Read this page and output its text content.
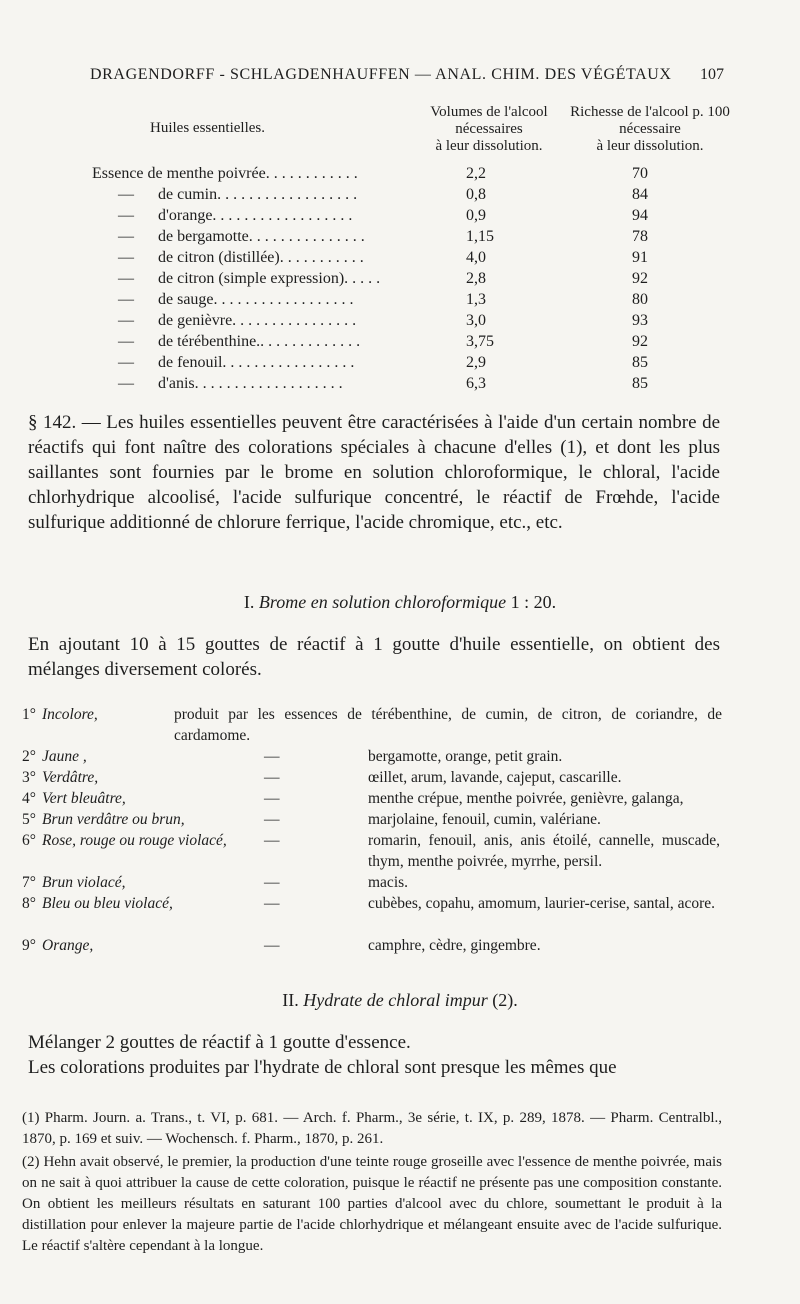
DRAGENDORFF - SCHLAGDENHAUFFEN — ANAL. CHIM. DES VÉGÉTAUX 107
Huiles essentielles.
Volumes de l'alcool
nécessaires
à leur dissolution.
Richesse de l'alcool p. 100
nécessaire
à leur dissolution.
Essence de menthe poivrée. . . . . . . . . . . .	2,2	70
— de cumin. . . . . . . . . . . . . . . . . .	0,8	84
— d'orange. . . . . . . . . . . . . . . . . .	0,9	94
— de bergamotte. . . . . . . . . . . . . . .	1,15	78
— de citron (distillée). . . . . . . . . . .	4,0	91
— de citron (simple expression). . . . .	2,8	92
— de sauge. . . . . . . . . . . . . . . . . .	1,3	80
— de genièvre. . . . . . . . . . . . . . . .	3,0	93
— de térébenthine.. . . . . . . . . . . . .	3,75	92
— de fenouil. . . . . . . . . . . . . . . . .	2,9	85
— d'anis. . . . . . . . . . . . . . . . . . .	6,3	85
§ 142. — Les huiles essentielles peuvent être caractérisées à l'aide d'un certain nombre de réactifs qui font naître des colorations spéciales à chacune d'elles (1), et dont les plus saillantes sont fournies par le brome en solution chloroformique, le chloral, l'acide chlorhydrique alcoolisé, l'acide sulfurique concentré, le réactif de Frœhde, l'acide sulfurique additionné de chlorure ferrique, l'acide chromique, etc., etc.
I. Brome en solution chloroformique 1 : 20.
En ajoutant 10 à 15 gouttes de réactif à 1 goutte d'huile essentielle, on obtient des mélanges diversement colorés.
1° Incolore,	produit par les essences de térébenthine, de cumin, de citron, de coriandre, de cardamome.
2° Jaune ,	—	bergamotte, orange, petit grain.
3° Verdâtre,	—	œillet, arum, lavande, cajeput, cascarille.
4° Vert bleuâtre,	—	menthe crépue, menthe poivrée, genièvre, galanga,
5° Brun verdâtre ou brun,	—	marjolaine, fenouil, cumin, valériane.
6° Rose, rouge ou rouge violacé, —	romarin, fenouil, anis, anis étoilé, cannelle, muscade, thym, menthe poivrée, myrrhe, persil.
7° Brun violacé,	—	macis.
8° Bleu ou bleu violacé,	—	cubèbes, copahu, amomum, laurier-cerise, santal, acore.
9° Orange,	—	camphre, cèdre, gingembre.
II. Hydrate de chloral impur (2).
Mélanger 2 gouttes de réactif à 1 goutte d'essence.
Les colorations produites par l'hydrate de chloral sont presque les mêmes que
(1) Pharm. Journ. a. Trans., t. VI, p. 681. — Arch. f. Pharm., 3e série, t. IX, p. 289, 1878. — Pharm. Centralbl., 1870, p. 169 et suiv. — Wochensch. f. Pharm., 1870, p. 261.
(2) Hehn avait observé, le premier, la production d'une teinte rouge groseille avec l'essence de menthe poivrée, mais on ne sait à quoi attribuer la cause de cette coloration, puisque le réactif ne présente pas une composition constante. On obtient les meilleurs résultats en saturant 100 parties d'alcool avec du chlore, soumettant le produit à la distillation pour enlever la majeure partie de l'acide chlorhydrique et mélangeant ensuite avec de l'acide sulfurique. Le réactif s'altère cependant à la longue.
